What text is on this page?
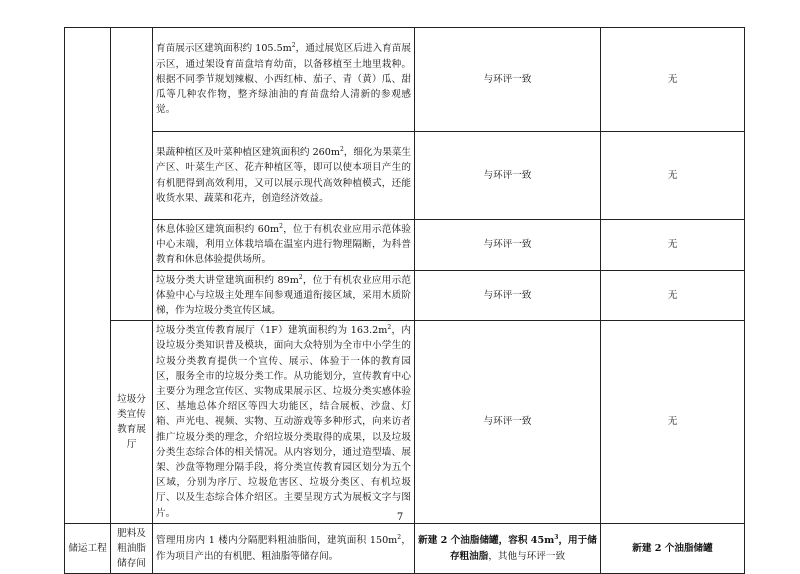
		育苗展示区建筑面积约 $105.5m^2$，通过展览区后进入育苗展示区，通过架设育苗盘培育幼苗，以备移植至土地里栽种。根据不同季节规划辣椒、小西红柿、茄子、青（黄）瓜、甜瓜等几种农作物，整齐绿油油的育苗盘给人清新的参观感觉。	与环评一致	无
		果蔬种植区及叶菜种植区建筑面积约 $260m^2$，细化为果菜生产区、叶菜生产区、花卉种植区等，即可以使本项目产生的有机肥得到高效利用，又可以展示现代高效种植模式，还能收货水果、蔬菜和花卉，创造经济效益。	与环评一致	无
		休息体验区建筑面积约 $60m^2$，位于有机农业应用示范体验中心末端，利用立体栽培墙在温室内进行物理隔断，为科普教育和休息体验提供场所。	与环评一致	无
		垃圾分类大讲堂建筑面积约 $89m^2$，位于有机农业应用示范体验中心与垃圾主处理车间参观通道衔接区域，采用木质阶梯，作为垃圾分类宣传区域。	与环评一致	无
	垃圾分类宣传教育展厅	垃圾分类宣传教育展厅（1F）建筑面积约为 $163.2m^2$，内设垃圾分类知识普及模块，面向大众特别为全市中小学生的垃圾分类教育提供一个宣传、展示、体验于一体的教育园区，服务全市的垃圾分类工作。从功能划分，宣传教育中心主要分为理念宣传区、实物成果展示区、垃圾分类实感体验区、基地总体介绍区等四大功能区，结合展板、沙盘、灯箱、声光电、视频、实物、互动游戏等多种形式，向来访者推广垃圾分类的理念，介绍垃圾分类取得的成果，以及垃圾分类生态综合体的相关情况。从内容划分，通过造型墙、展架、沙盘等物理分隔手段，将分类宣传教育园区划分为五个区域，分别为序厅、垃圾危害区、垃圾分类区、有机垃圾厅、以及生态综合体介绍区。主要呈现方式为展板文字与图片。	与环评一致	无
储运工程	肥料及粗油脂储存间	管理用房内 1 楼内分隔肥料粗油脂间，建筑面积 $150m^2$，作为项目产出的有机肥、粗油脂等储存间。	新建 2 个油脂储罐，容积 $45m^3$，用于储存粗油脂，其他与环评一致	新建 2 个油脂储罐
7
